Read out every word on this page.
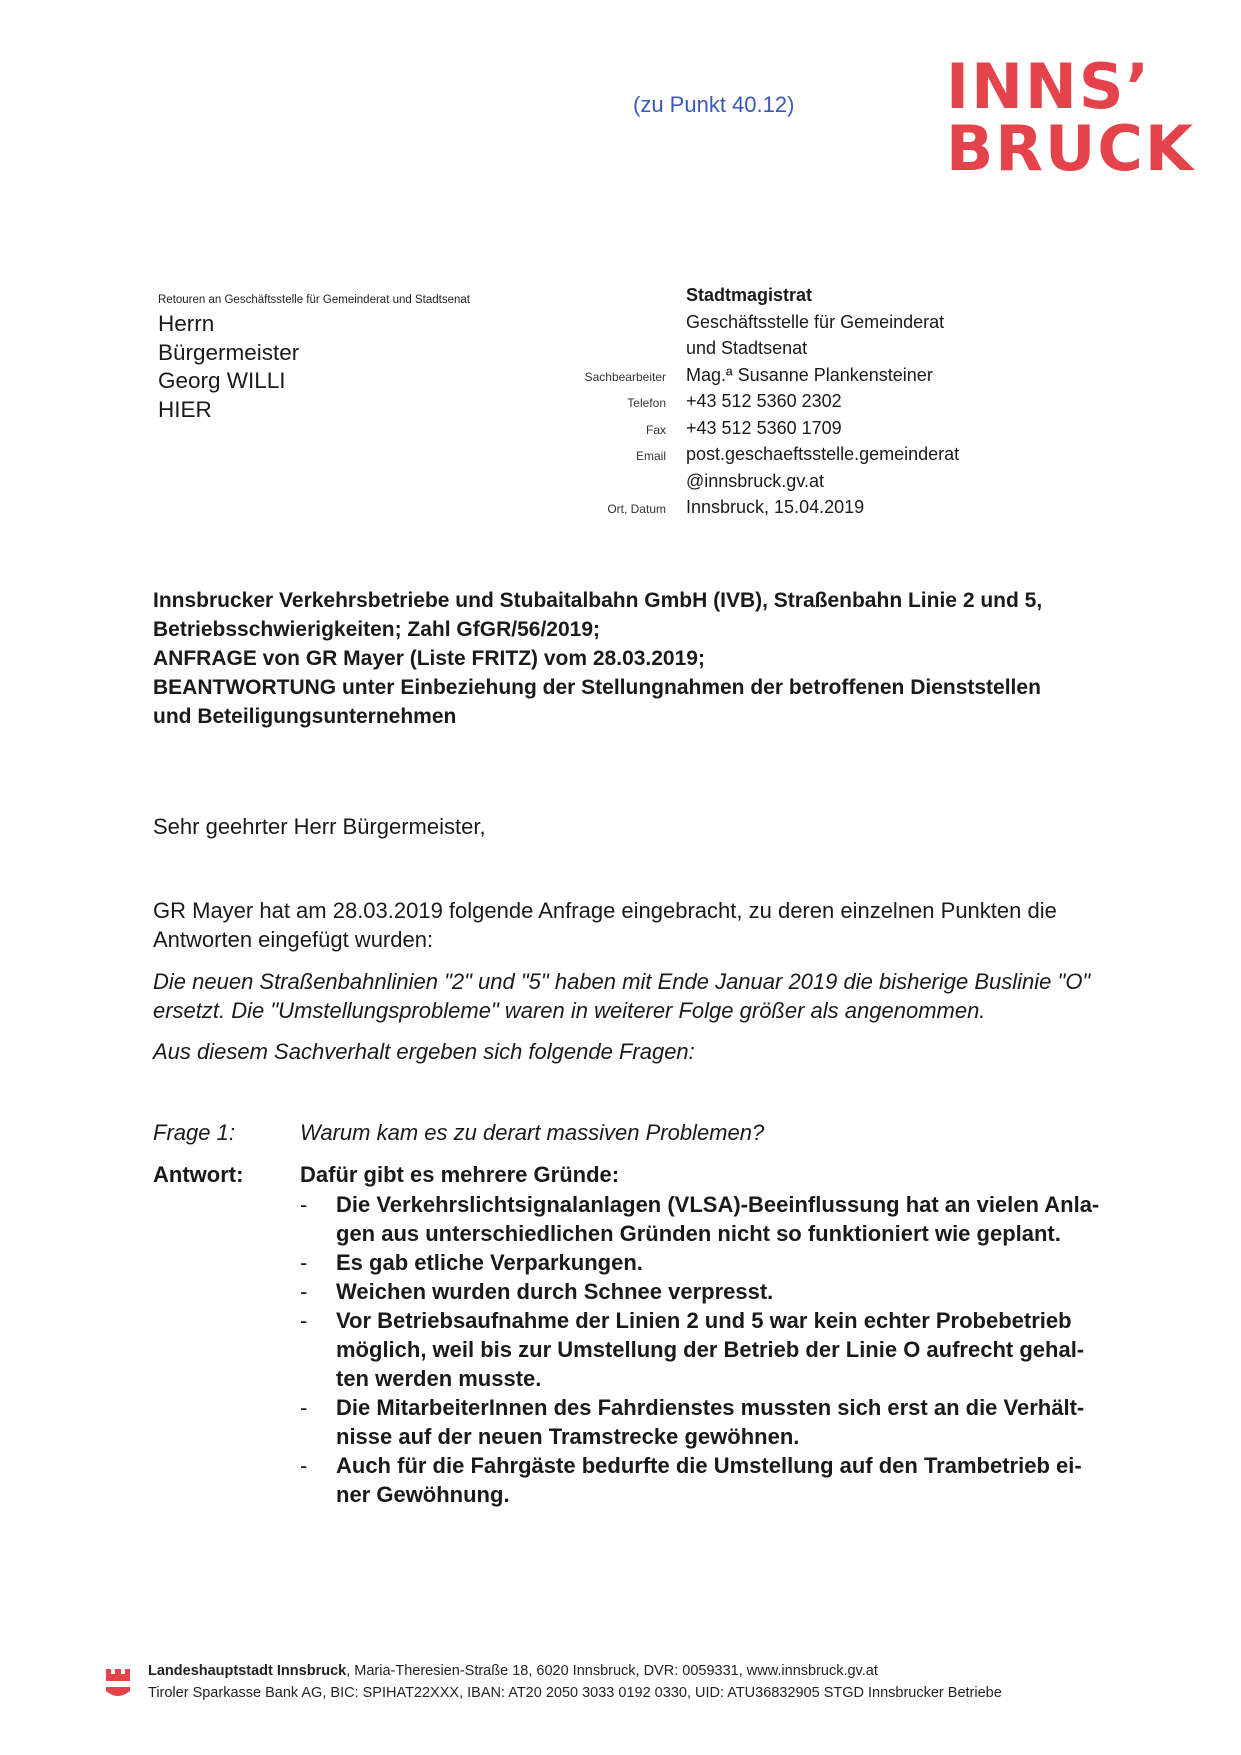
(zu Punkt 40.12) INNS’
BRUCK
Retouren an Geschäftsstelle für Gemeinderat und Stadtsenat
Herrn
Bürgermeister
Georg WILLI
HIER
Stadtmagistrat
Geschäftsstelle für Gemeinderat
und Stadtsenat
Sachbearbeiter	Mag.ª Susanne Plankensteiner
Telefon	+43 512 5360 2302
Fax	+43 512 5360 1709
Email	post.geschaeftsstelle.gemeinderat
@innsbruck.gv.at
Ort, Datum	Innsbruck, 15.04.2019
Innsbrucker Verkehrsbetriebe und Stubaitalbahn GmbH (IVB), Straßenbahn Linie 2 und 5,
Betriebsschwierigkeiten; Zahl GfGR/56/2019;
ANFRAGE von GR Mayer (Liste FRITZ) vom 28.03.2019;
BEANTWORTUNG unter Einbeziehung der Stellungnahmen der betroffenen Dienststellen
und Beteiligungsunternehmen
Sehr geehrter Herr Bürgermeister,
GR Mayer hat am 28.03.2019 folgende Anfrage eingebracht, zu deren einzelnen Punkten die
Antworten eingefügt wurden:
Die neuen Straßenbahnlinien "2" und "5" haben mit Ende Januar 2019 die bisherige Buslinie "O"
ersetzt. Die "Umstellungsprobleme" waren in weiterer Folge größer als angenommen.
Aus diesem Sachverhalt ergeben sich folgende Fragen:
Frage 1:	Warum kam es zu derart massiven Problemen?
Antwort:	Dafür gibt es mehrere Gründe:
- Die Verkehrslichtsignalanlagen (VLSA)-Beeinflussung hat an vielen Anla-
gen aus unterschiedlichen Gründen nicht so funktioniert wie geplant.
- Es gab etliche Verparkungen.
- Weichen wurden durch Schnee verpresst.
- Vor Betriebsaufnahme der Linien 2 und 5 war kein echter Probebetrieb
möglich, weil bis zur Umstellung der Betrieb der Linie O aufrecht gehal-
ten werden musste.
- Die MitarbeiterInnen des Fahrdienstes mussten sich erst an die Verhält-
nisse auf der neuen Tramstrecke gewöhnen.
- Auch für die Fahrgäste bedurfte die Umstellung auf den Trambetrieb ei-
ner Gewöhnung.
Landeshauptstadt Innsbruck, Maria-Theresien-Straße 18, 6020 Innsbruck, DVR: 0059331, www.innsbruck.gv.at
Tiroler Sparkasse Bank AG, BIC: SPIHAT22XXX, IBAN: AT20 2050 3033 0192 0330, UID: ATU36832905 STGD Innsbrucker Betriebe
